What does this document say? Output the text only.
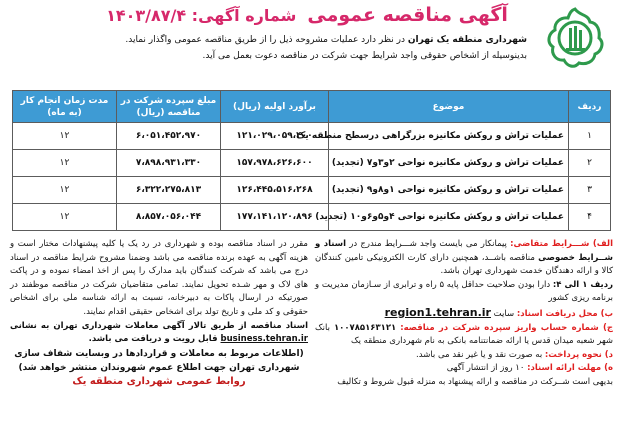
آگهی مناقصه عمومی شماره آگهی: ۱۴۰۳/۸۷/۴
شهرداری منطقه یک تهران در نظر دارد عملیات مشروحه ذیل را از طریق مناقصه عمومی واگذار نماید.
بدینوسیله از اشخاص حقوقی واجد شرایط جهت شرکت در مناقصه دعوت بعمل می آید.
ردیف	موضوع	برآورد اولیه (ریال)	مبلغ سپرده شرکت در مناقصه (ریال)	مدت زمان انجام کار (به ماه)
۱	عملیات تراش و روکش مکانیزه بزرگراهی درسطح منطقه یک	۱۲۱،۰۲۹،۰۵۹،۴۰۰	۶،۰۵۱،۴۵۲،۹۷۰	۱۲
۲	عملیات تراش و روکش مکانیزه نواحی ۲و۳و۷ (تجدید)	۱۵۷،۹۷۸،۶۲۶،۶۰۰	۷،۸۹۸،۹۳۱،۳۳۰	۱۲
۳	عملیات تراش و روکش مکانیزه نواحی ۱و۸و۹ (تجدید)	۱۲۶،۴۴۵،۵۱۶،۲۶۸	۶،۳۲۲،۲۷۵،۸۱۳	۱۲
۴	عملیات تراش و روکش مکانیزه نواحی ۴و۵و۶و۱۰ (تجدید)	۱۷۷،۱۴۱،۱۲۰،۸۹۶	۸،۸۵۷،۰۵۶،۰۴۴	۱۲

الف) شـــرایط متقاضی: پیمانکار می بایست واجد شـــرایط مندرج در اسناد و شــرایط خصوصی مناقصه باشــد، همچنین دارای کارت الکترونیکی تامین کنندگان کالا و ارائه دهندگان خدمت شهرداری تهران باشد.

ردیف ۱ الی ۴: دارا بودن صلاحیت حداقل پایه ۵ راه و ترابری از سـازمان مدیریت و برنامه ریزی کشور

ب) محل دریافت اسناد: سایت region1.tehran.ir

ج) شماره حساب واریز سپرده شرکت در مناقصه: ۱۰۰۷۸۵۱۶۳۱۲۱ بانک شهر شعبه میدان قدس یا ارائه ضمانتنامه بانکی به نام شهرداری منطقه یک

د) نحوه پرداخت: به صورت نقد و یا غیر نقد می باشد.

ه) مهلت ارائه اسناد: ۱۰ روز از انتشار آگهی

بدیهی است شــرکت در مناقصه و ارائه پیشنهاد به منزله قبول شروط و تکالیف

مقرر در اسناد مناقصه بوده و شهرداری در رد یک یا کلیه پیشنهادات مختار است و هزینه آگهی به عهده برنده مناقصه می باشد وضمنا مشروح شرایط مناقصه در اسناد درج می باشد که شرکت کنندگان باید مدارک را پس از اخذ امضاء نموده و در پاکت های لاک و مهر شـده تحویل نمایند. تمامی متقاضیان شرکت در مناقصه موظفند در صورتیکه در ارسال پاکات به دبیرخانه، نسبت به ارائه شناسه ملی برای اشخاص حقوقی و کد ملی و تاریخ تولد برای اشخاص حقیقی اقدام نمایند.

اسناد مناقصه از طریق تالار آگهی معاملات شهرداری تهران به نشانی business.tehran.ir قابل رویت و دریافت می باشد.

(اطلاعات مربوط به معاملات و قراردادها در وبسایت شفاف سازی شهرداری تهران جهت اطلاع عموم شهروندان منتشر خواهد شد)

روابط عمومی شهرداری منطقه یک
